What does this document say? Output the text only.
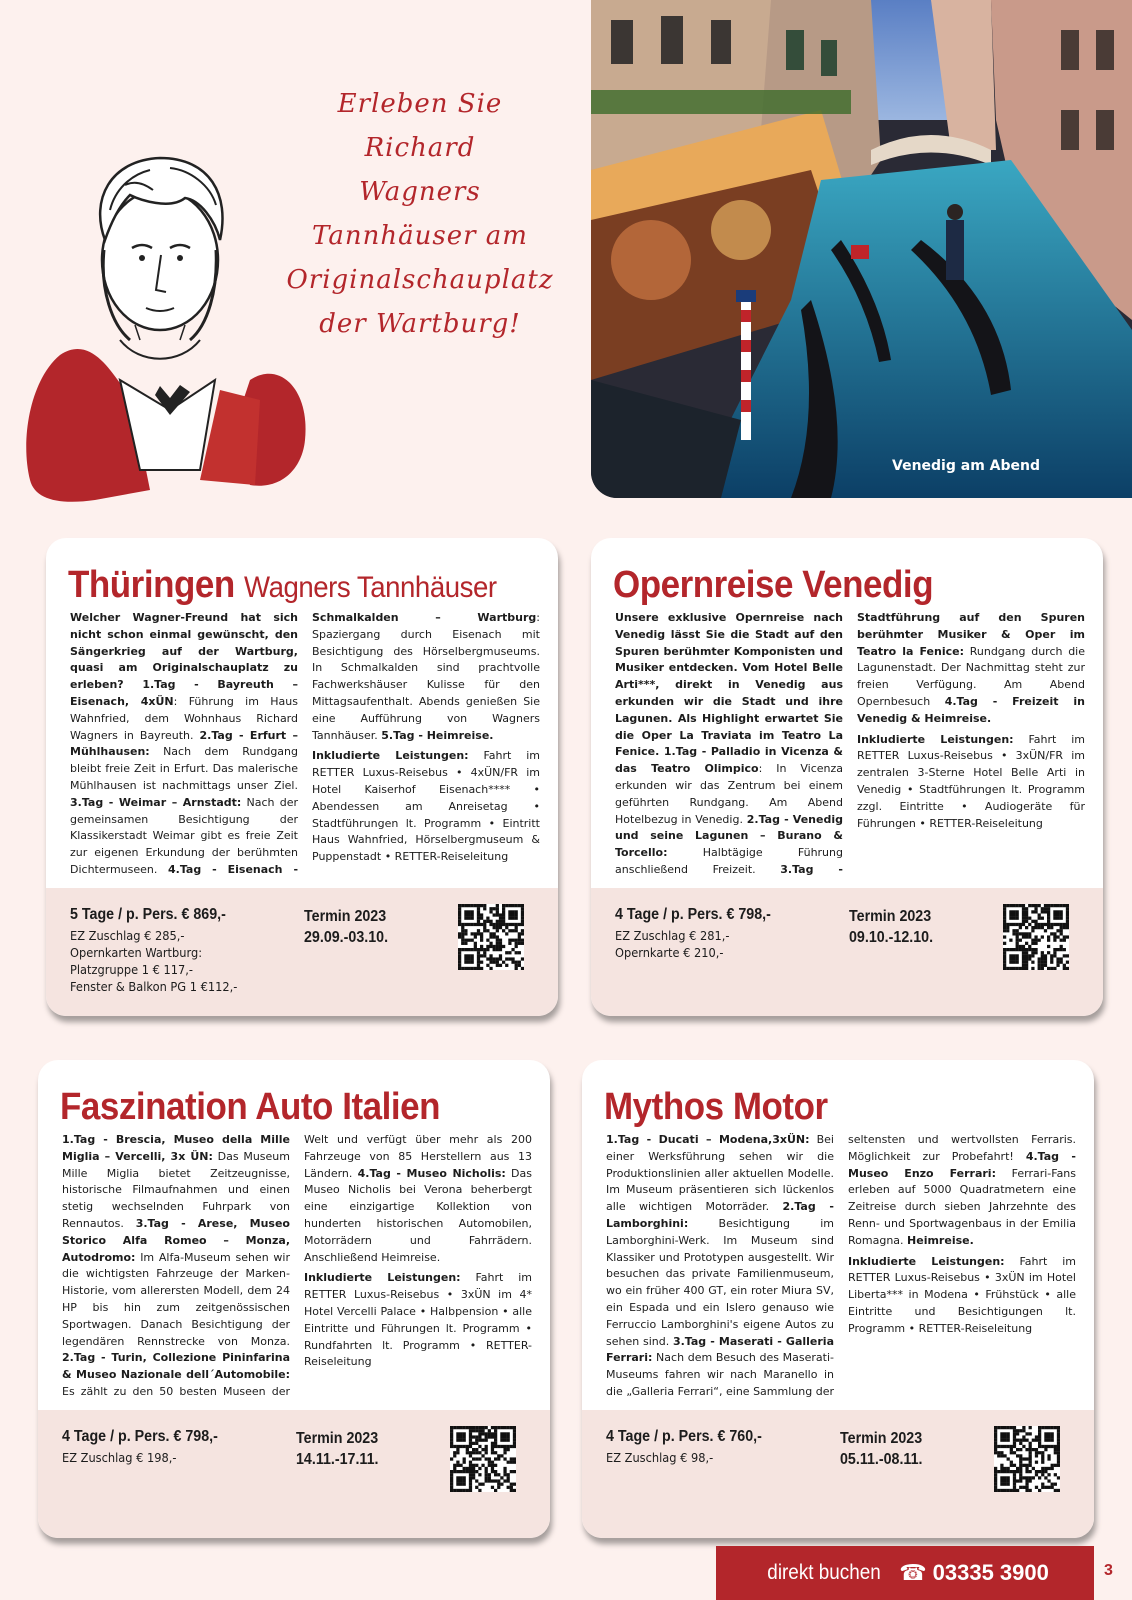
Erleben Sie
Richard
Wagners
Tannhäuser am
Originalschauplatz
der Wartburg!
Venedig am Abend
Thüringen Wagners Tannhäuser

Welcher Wagner-Freund hat sich nicht schon einmal gewünscht, den Sängerkrieg auf der Wartburg, quasi am Originalschauplatz zu erleben? 1.Tag - Bayreuth – Eisenach, 4xÜN: Führung im Haus Wahnfried, dem Wohnhaus Richard Wagners in Bayreuth. 2.Tag - Erfurt – Mühlhausen: Nach dem Rundgang bleibt freie Zeit in Erfurt. Das malerische Mühlhausen ist nachmittags unser Ziel. 3.Tag - Weimar – Arnstadt: Nach der gemeinsamen Besichtigung der Klassikerstadt Weimar gibt es freie Zeit zur eigenen Erkundung der berühmten Dichtermuseen. 4.Tag - Eisenach - Schmalkalden – Wartburg: Spaziergang durch Eisenach mit Besichtigung des Hörselbergmuseums. In Schmalkalden sind prachtvolle Fachwerkshäuser Kulisse für den Mittagsaufenthalt. Abends genießen Sie eine Aufführung von Wagners Tannhäuser. 5.Tag - Heimreise.

Inkludierte Leistungen: Fahrt im RETTER Luxus-Reisebus • 4xÜN/FR im Hotel Kaiserhof Eisenach**** • Abendessen am Anreisetag • Stadtführungen lt. Programm • Eintritt Haus Wahnfried, Hörselbergmuseum & Puppenstadt • RETTER-Reiseleitung

5 Tage / p. Pers. € 869,-
EZ Zuschlag € 285,-
Opernkarten Wartburg:
Platzgruppe 1 € 117,-
Fenster & Balkon PG 1 €112,-
Termin 2023
29.09.-03.10.
Opernreise Venedig

Unsere exklusive Opernreise nach Venedig lässt Sie die Stadt auf den Spuren berühmter Komponisten und Musiker entdecken. Vom Hotel Belle Arti***, direkt in Venedig aus erkunden wir die Stadt und ihre Lagunen. Als Highlight erwartet Sie die Oper La Traviata im Teatro La Fenice. 1.Tag - Palladio in Vicenza & das Teatro Olimpico: In Vicenza erkunden wir das Zentrum bei einem geführten Rundgang. Am Abend Hotelbezug in Venedig. 2.Tag - Venedig und seine Lagunen – Burano & Torcello: Halbtägige Führung anschließend Freizeit. 3.Tag - Stadtführung auf den Spuren berühmter Musiker & Oper im Teatro la Fenice: Rundgang durch die Lagunenstadt. Der Nachmittag steht zur freien Verfügung. Am Abend Opernbesuch 4.Tag - Freizeit in Venedig & Heimreise.

Inkludierte Leistungen: Fahrt im RETTER Luxus-Reisebus • 3xÜN/FR im zentralen 3-Sterne Hotel Belle Arti in Venedig • Stadtführungen lt. Programm zzgl. Eintritte • Audiogeräte für Führungen • RETTER-Reiseleitung

4 Tage / p. Pers. € 798,-
EZ Zuschlag € 281,-
Opernkarte € 210,-
Termin 2023
09.10.-12.10.
Faszination Auto Italien

1.Tag - Brescia, Museo della Mille Miglia – Vercelli, 3x ÜN: Das Museum Mille Miglia bietet Zeitzeugnisse, historische Filmaufnahmen und einen stetig wechselnden Fuhrpark von Rennautos. 3.Tag - Arese, Museo Storico Alfa Romeo – Monza, Autodromo: Im Alfa-Museum sehen wir die wichtigsten Fahrzeuge der Marken-Historie, vom allerersten Modell, dem 24 HP bis hin zum zeitgenössischen Sportwagen. Danach Besichtigung der legendären Rennstrecke von Monza. 2.Tag - Turin, Collezione Pininfarina & Museo Nazionale dell´Automobile: Es zählt zu den 50 besten Museen der Welt und verfügt über mehr als 200 Fahrzeuge von 85 Herstellern aus 13 Ländern. 4.Tag - Museo Nicholis: Das Museo Nicholis bei Verona beherbergt eine einzigartige Kollektion von hunderten historischen Automobilen, Motorrädern und Fahrrädern. Anschließend Heimreise.

Inkludierte Leistungen: Fahrt im RETTER Luxus-Reisebus • 3xÜN im 4* Hotel Vercelli Palace • Halbpension • alle Eintritte und Führungen lt. Programm • Rundfahrten lt. Programm • RETTER-Reiseleitung

4 Tage / p. Pers. € 798,-
EZ Zuschlag € 198,-
Termin 2023
14.11.-17.11.
Mythos Motor

1.Tag - Ducati – Modena,3xÜN: Bei einer Werksführung sehen wir die Produktionslinien aller aktuellen Modelle. Im Museum präsentieren sich lückenlos alle wichtigen Motorräder. 2.Tag - Lamborghini: Besichtigung im Lamborghini-Werk. Im Museum sind Klassiker und Prototypen ausgestellt. Wir besuchen das private Familienmuseum, wo ein früher 400 GT, ein roter Miura SV, ein Espada und ein Islero genauso wie Ferruccio Lamborghini's eigene Autos zu sehen sind. 3.Tag - Maserati - Galleria Ferrari: Nach dem Besuch des Maserati-Museums fahren wir nach Maranello in die „Galleria Ferrari“, eine Sammlung der seltensten und wertvollsten Ferraris. Möglichkeit zur Probefahrt! 4.Tag - Museo Enzo Ferrari: Ferrari-Fans erleben auf 5000 Quadratmetern eine Zeitreise durch sieben Jahrzehnte des Renn- und Sportwagenbaus in der Emilia Romagna. Heimreise.

Inkludierte Leistungen: Fahrt im RETTER Luxus-Reisebus • 3xÜN im Hotel Liberta*** in Modena • Frühstück • alle Eintritte und Besichtigungen lt. Programm • RETTER-Reiseleitung

4 Tage / p. Pers. € 760,-
EZ Zuschlag € 98,-
Termin 2023
05.11.-08.11.
direkt buchen ☎ 03335 3900	3
